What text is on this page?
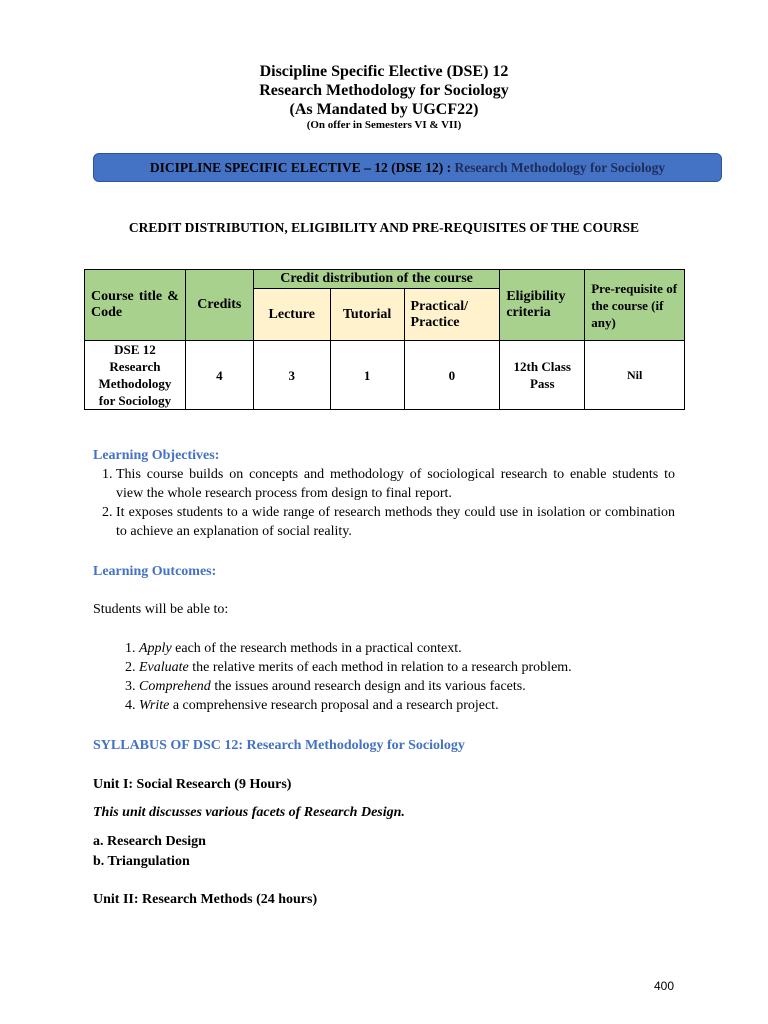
Discipline Specific Elective (DSE) 12
Research Methodology for Sociology
(As Mandated by UGCF22)
(On offer in Semesters VI & VII)
DICIPLINE SPECIFIC ELECTIVE – 12 (DSE 12) :
Research Methodology for Sociology
CREDIT DISTRIBUTION, ELIGIBILITY AND PRE-REQUISITES OF THE COURSE
Course title & Code	Credits	Credit distribution of the course			Eligibility criteria	Pre-requisite of the course (if any)
		Lecture	Tutorial	Practical/ Practice		
DSE 12 Research Methodology for Sociology	4	3	1	0	12th Class Pass	Nil
Learning Objectives:
1. This course builds on concepts and methodology of sociological research to enable students to view the whole research process from design to final report.
2. It exposes students to a wide range of research methods they could use in isolation or combination to achieve an explanation of social reality.
Learning Outcomes:
Students will be able to:
1. Apply each of the research methods in a practical context.
2. Evaluate the relative merits of each method in relation to a research problem.
3. Comprehend the issues around research design and its various facets.
4. Write a comprehensive research proposal and a research project.
SYLLABUS OF DSC 12: Research Methodology for Sociology
Unit I: Social Research (9 Hours)
This unit discusses various facets of Research Design.
a. Research Design
b. Triangulation
Unit II: Research Methods (24 hours)
400
